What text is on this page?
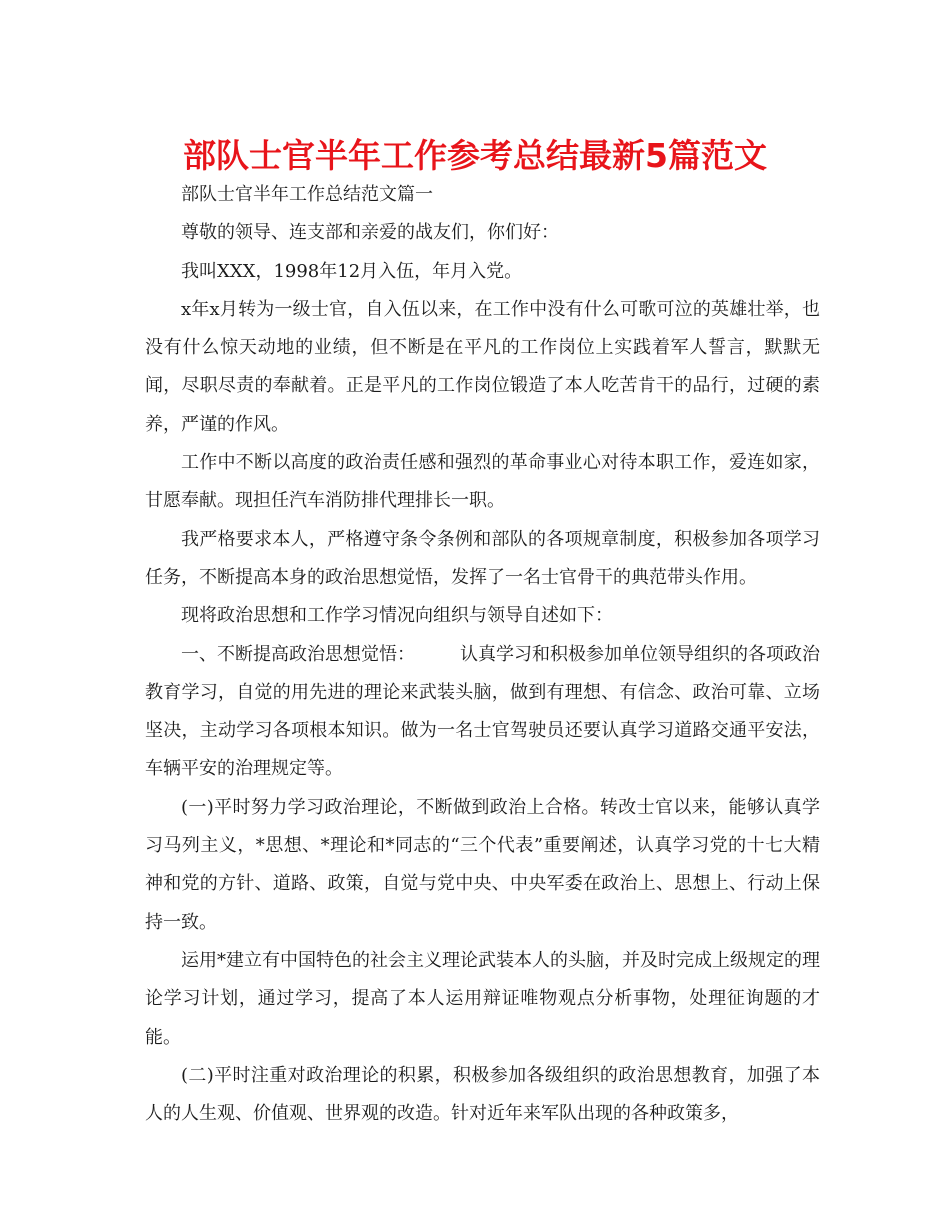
部队士官半年工作参考总结最新5篇范文

部队士官半年工作总结范文篇一

尊敬的领导、连支部和亲爱的战友们，你们好：

我叫XXX，1998年12月入伍，年月入党。

x年x月转为一级士官，自入伍以来，在工作中没有什么可歌可泣的英雄壮举，也没有什么惊天动地的业绩，但不断是在平凡的工作岗位上实践着军人誓言，默默无闻，尽职尽责的奉献着。正是平凡的工作岗位锻造了本人吃苦肯干的品行，过硬的素养，严谨的作风。

工作中不断以高度的政治责任感和强烈的革命事业心对待本职工作，爱连如家，甘愿奉献。现担任汽车消防排代理排长一职。

我严格要求本人，严格遵守条令条例和部队的各项规章制度，积极参加各项学习任务，不断提高本身的政治思想觉悟，发挥了一名士官骨干的典范带头作用。

现将政治思想和工作学习情况向组织与领导自述如下：

一、不断提高政治思想觉悟：　　　认真学习和积极参加单位领导组织的各项政治教育学习，自觉的用先进的理论来武装头脑，做到有理想、有信念、政治可靠、立场坚决，主动学习各项根本知识。做为一名士官驾驶员还要认真学习道路交通平安法，车辆平安的治理规定等。

(一)平时努力学习政治理论，不断做到政治上合格。转改士官以来，能够认真学习马列主义，*思想、*理论和*同志的“三个代表”重要阐述，认真学习党的十七大精神和党的方针、道路、政策，自觉与党中央、中央军委在政治上、思想上、行动上保持一致。

运用*建立有中国特色的社会主义理论武装本人的头脑，并及时完成上级规定的理论学习计划，通过学习，提高了本人运用辩证唯物观点分析事物，处理征询题的才能。

(二)平时注重对政治理论的积累，积极参加各级组织的政治思想教育，加强了本人的人生观、价值观、世界观的改造。针对近年来军队出现的各种政策多，
